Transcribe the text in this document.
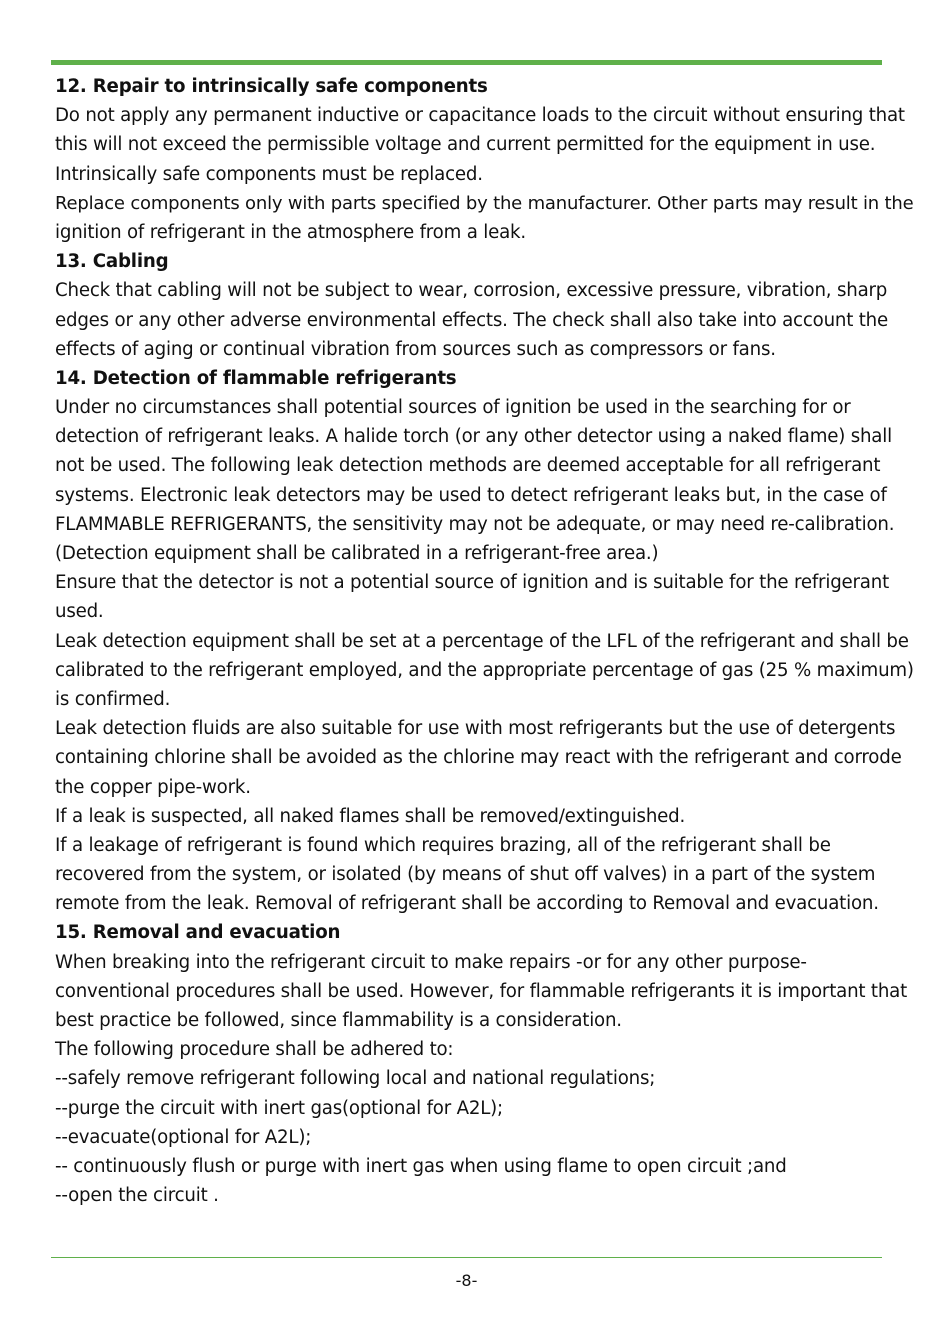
12. Repair to intrinsically safe components
Do not apply any permanent inductive or capacitance loads to the circuit without ensuring that
this will not exceed the permissible voltage and current permitted for the equipment in use.
Intrinsically safe components must be replaced.
Replace components only with parts specified by the manufacturer. Other parts may result in the
ignition of refrigerant in the atmosphere from a leak.
13. Cabling
Check that cabling will not be subject to wear, corrosion, excessive pressure, vibration, sharp
edges or any other adverse environmental effects. The check shall also take into account the
effects of aging or continual vibration from sources such as compressors or fans.
14. Detection of flammable refrigerants
Under no circumstances shall potential sources of ignition be used in the searching for or
detection of refrigerant leaks. A halide torch (or any other detector using a naked flame) shall
not be used. The following leak detection methods are deemed acceptable for all refrigerant
systems. Electronic leak detectors may be used to detect refrigerant leaks but, in the case of
FLAMMABLE REFRIGERANTS, the sensitivity may not be adequate, or may need re-calibration.
(Detection equipment shall be calibrated in a refrigerant-free area.)
Ensure that the detector is not a potential source of ignition and is suitable for the refrigerant
used.
Leak detection equipment shall be set at a percentage of the LFL of the refrigerant and shall be
calibrated to the refrigerant employed, and the appropriate percentage of gas (25 % maximum)
is confirmed.
Leak detection fluids are also suitable for use with most refrigerants but the use of detergents
containing chlorine shall be avoided as the chlorine may react with the refrigerant and corrode
the copper pipe-work.
If a leak is suspected, all naked flames shall be removed/extinguished.
If a leakage of refrigerant is found which requires brazing, all of the refrigerant shall be
recovered from the system, or isolated (by means of shut off valves) in a part of the system
remote from the leak. Removal of refrigerant shall be according to Removal and evacuation.
15. Removal and evacuation
When breaking into the refrigerant circuit to make repairs -or for any other purpose-
conventional procedures shall be used. However, for flammable refrigerants it is important that
best practice be followed, since flammability is a consideration.
The following procedure shall be adhered to:
--safely remove refrigerant following local and national regulations;
--purge the circuit with inert gas(optional for A2L);
--evacuate(optional for A2L);
-- continuously flush or purge with inert gas when using flame to open circuit ;and
--open the circuit .
-8-
